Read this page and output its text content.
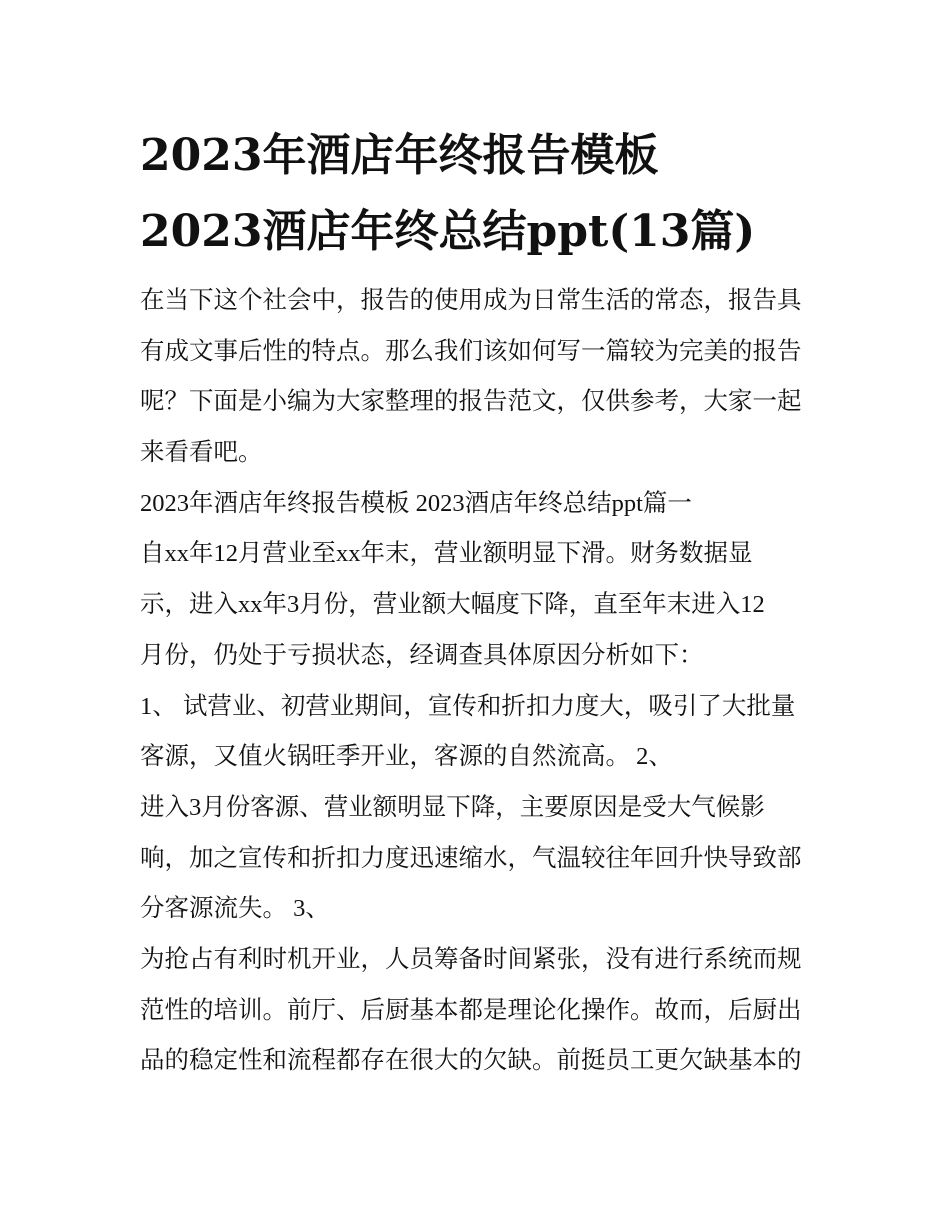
2023年酒店年终报告模板
2023酒店年终总结ppt(13篇)
在当下这个社会中，报告的使用成为日常生活的常态，报告具
有成文事后性的特点。那么我们该如何写一篇较为完美的报告
呢？下面是小编为大家整理的报告范文，仅供参考，大家一起
来看看吧。
2023年酒店年终报告模板 2023酒店年终总结ppt篇一
自xx年12月营业至xx年末，营业额明显下滑。财务数据显
示，进入xx年3月份，营业额大幅度下降，直至年末进入12
月份，仍处于亏损状态，经调查具体原因分析如下：
1、 试营业、初营业期间，宣传和折扣力度大，吸引了大批量
客源，又值火锅旺季开业，客源的自然流高。 2、
进入3月份客源、营业额明显下降，主要原因是受大气候影
响，加之宣传和折扣力度迅速缩水，气温较往年回升快导致部
分客源流失。 3、
为抢占有利时机开业，人员筹备时间紧张，没有进行系统而规
范性的培训。前厅、后厨基本都是理论化操作。故而，后厨出
品的稳定性和流程都存在很大的欠缺。前挺员工更欠缺基本的
